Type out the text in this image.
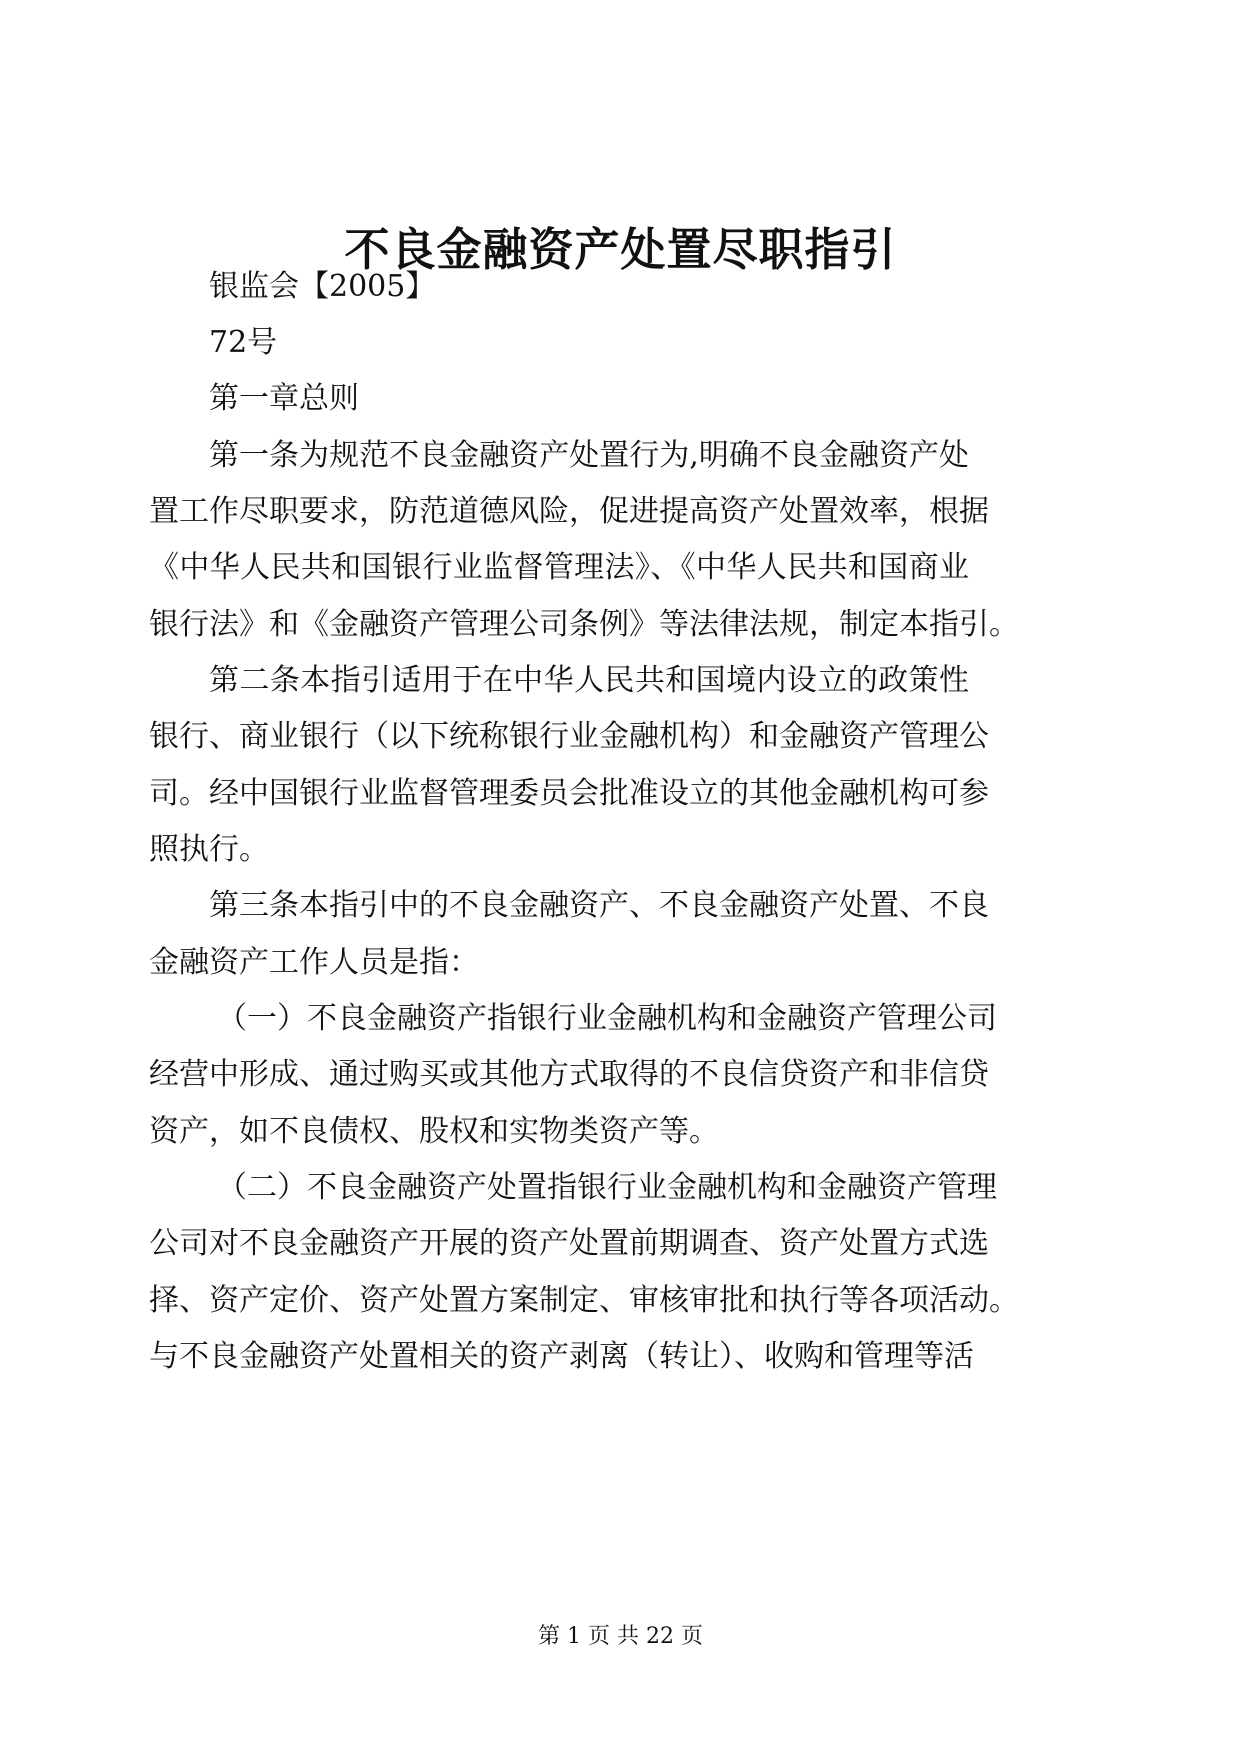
不良金融资产处置尽职指引
银监会【2005】
72号
第一章总则
第一条为规范不良金融资产处置行为,明确不良金融资产处
置工作尽职要求，防范道德风险，促进提高资产处置效率，根据
《中华人民共和国银行业监督管理法》、《中华人民共和国商业
银行法》和《金融资产管理公司条例》等法律法规，制定本指引。
第二条本指引适用于在中华人民共和国境内设立的政策性
银行、商业银行（以下统称银行业金融机构）和金融资产管理公
司。经中国银行业监督管理委员会批准设立的其他金融机构可参
照执行。
第三条本指引中的不良金融资产、不良金融资产处置、不良
金融资产工作人员是指：
（一）不良金融资产指银行业金融机构和金融资产管理公司
经营中形成、通过购买或其他方式取得的不良信贷资产和非信贷
资产，如不良债权、股权和实物类资产等。
（二）不良金融资产处置指银行业金融机构和金融资产管理
公司对不良金融资产开展的资产处置前期调查、资产处置方式选
择、资产定价、资产处置方案制定、审核审批和执行等各项活动。
与不良金融资产处置相关的资产剥离（转让）、收购和管理等活
第 1 页 共 22 页
